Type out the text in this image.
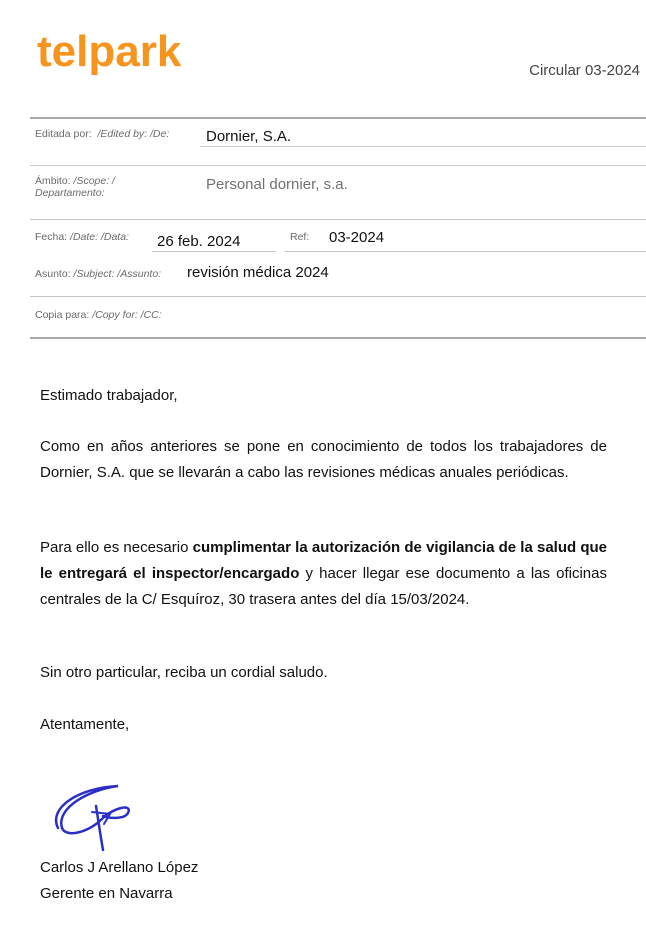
telpark	Circular 03-2024
Editada por: /Edited by: /De: Dornier, S.A.
Ámbito: /Scope: /
Departamento:	Personal dornier, s.a.
Fecha: /Date: /Data: 26 feb. 2024	Ref: 03-2024
Asunto: /Subject: /Assunto: revisión médica 2024
Copia para: /Copy for: /CC:
Estimado trabajador,
Como en años anteriores se pone en conocimiento de todos los trabajadores de Dornier, S.A. que se llevarán a cabo las revisiones médicas anuales periódicas.
Para ello es necesario cumplimentar la autorización de vigilancia de la salud que le entregará el inspector/encargado y hacer llegar ese documento a las oficinas centrales de la C/ Esquíroz, 30 trasera antes del día 15/03/2024.
Sin otro particular, reciba un cordial saludo.
Atentamente,
Carlos J Arellano López
Gerente en Navarra
